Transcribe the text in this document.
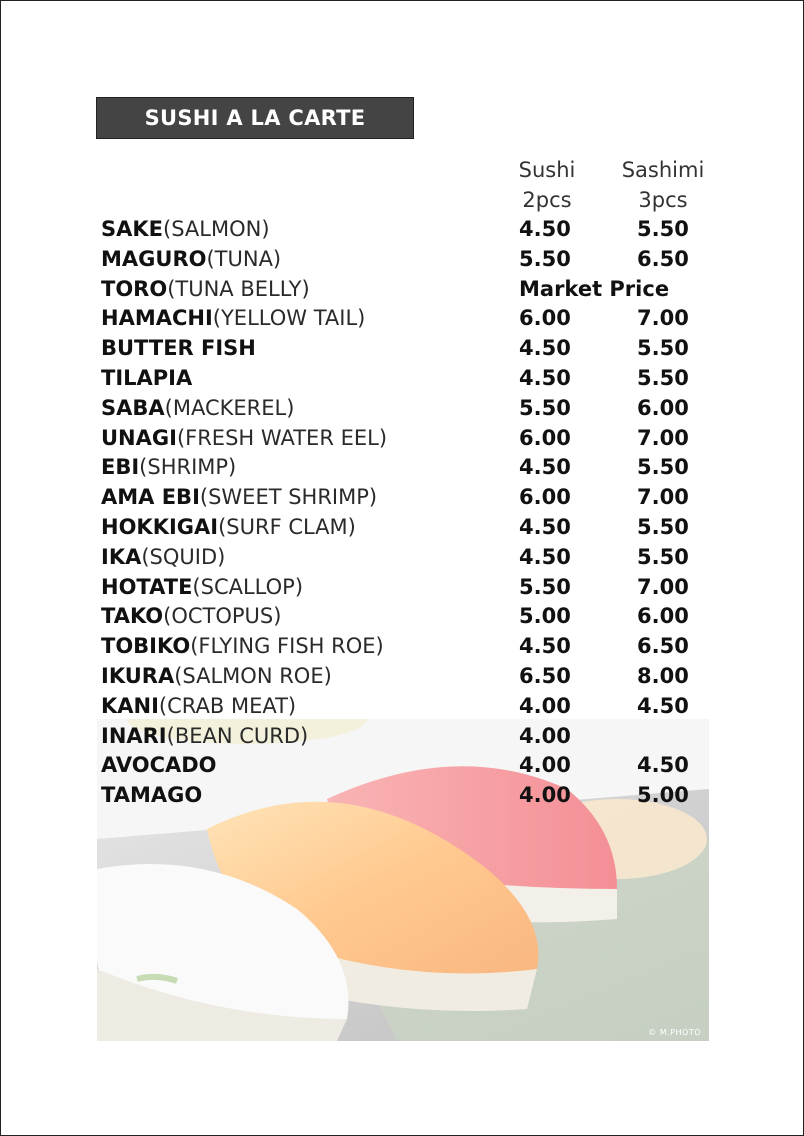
SUSHI A LA CARTE
Sushi
2pcs
Sashimi
3pcs
© M.PHOTO
SAKE(SALMON)	4.50	5.50
MAGURO(TUNA)	5.50	6.50
TORO(TUNA BELLY)	Market Price
HAMACHI(YELLOW TAIL)	6.00	7.00
BUTTER FISH	4.50	5.50
TILAPIA	4.50	5.50
SABA(MACKEREL)	5.50	6.00
UNAGI(FRESH WATER EEL)	6.00	7.00
EBI(SHRIMP)	4.50	5.50
AMA EBI(SWEET SHRIMP)	6.00	7.00
HOKKIGAI(SURF CLAM)	4.50	5.50
IKA(SQUID)	4.50	5.50
HOTATE(SCALLOP)	5.50	7.00
TAKO(OCTOPUS)	5.00	6.00
TOBIKO(FLYING FISH ROE)	4.50	6.50
IKURA(SALMON ROE)	6.50	8.00
KANI(CRAB MEAT)	4.00	4.50
INARI(BEAN CURD)	4.00
AVOCADO	4.00	4.50
TAMAGO	4.00	5.00
